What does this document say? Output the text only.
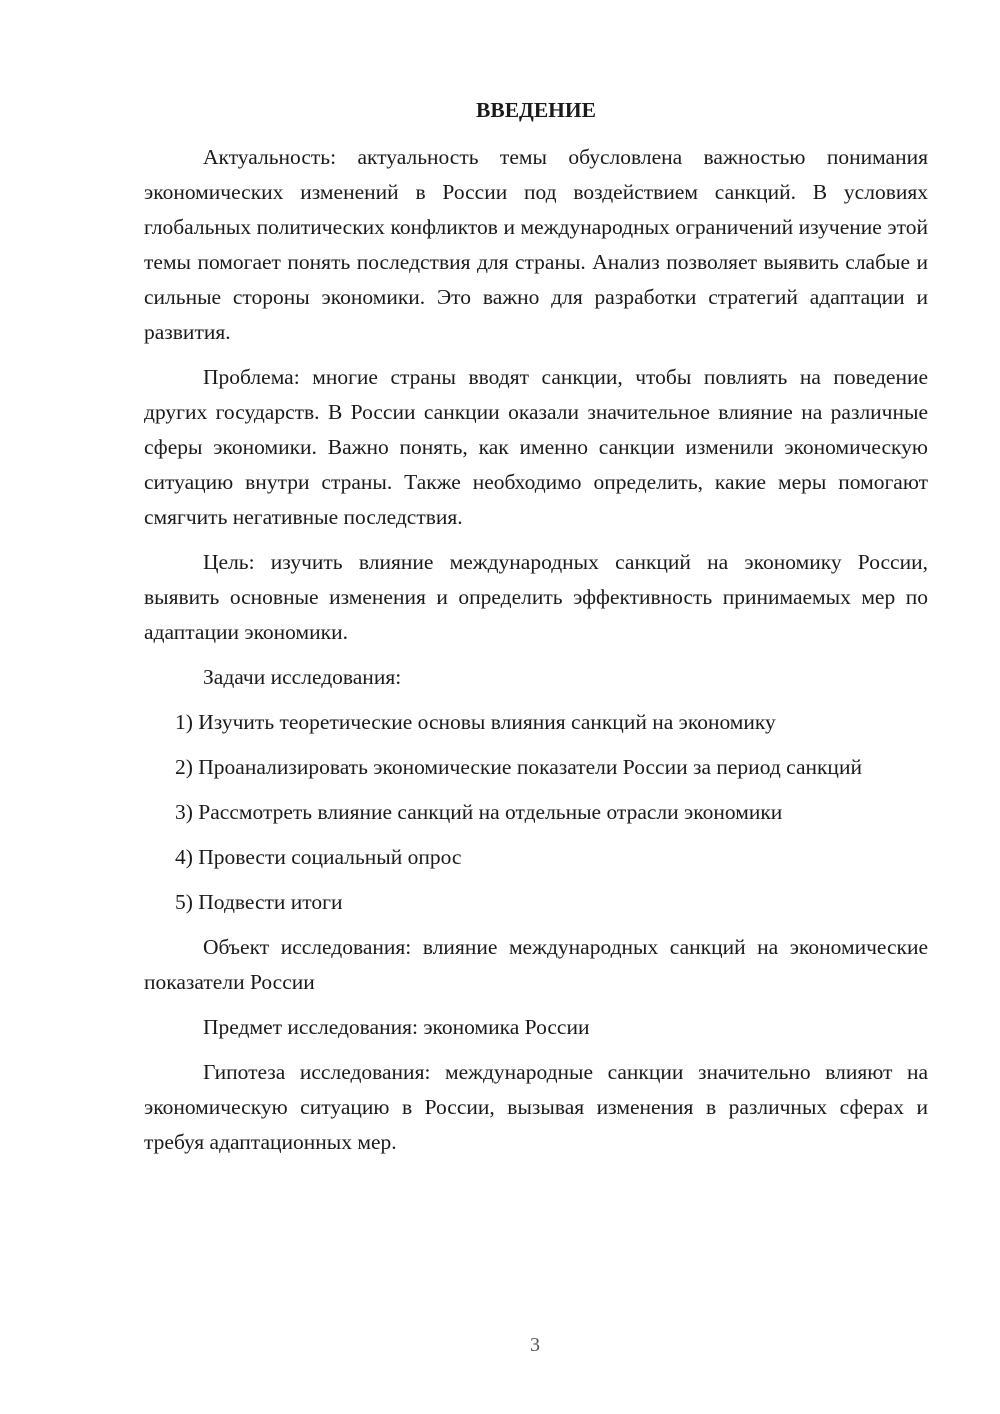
ВВЕДЕНИЕ

Актуальность: актуальность темы обусловлена важностью понимания экономических изменений в России под воздействием санкций. В условиях глобальных политических конфликтов и международных ограничений изучение этой темы помогает понять последствия для страны. Анализ позволяет выявить слабые и сильные стороны экономики. Это важно для разработки стратегий адаптации и развития.

Проблема: многие страны вводят санкции, чтобы повлиять на поведение других государств. В России санкции оказали значительное влияние на различные сферы экономики. Важно понять, как именно санкции изменили экономическую ситуацию внутри страны. Также необходимо определить, какие меры помогают смягчить негативные последствия.

Цель: изучить влияние международных санкций на экономику России, выявить основные изменения и определить эффективность принимаемых мер по адаптации экономики.

Задачи исследования:

1) Изучить теоретические основы влияния санкций на экономику

2) Проанализировать экономические показатели России за период санкций

3) Рассмотреть влияние санкций на отдельные отрасли экономики

4) Провести социальный опрос

5) Подвести итоги

Объект исследования: влияние международных санкций на экономические показатели России

Предмет исследования: экономика России

Гипотеза исследования: международные санкции значительно влияют на экономическую ситуацию в России, вызывая изменения в различных сферах и требуя адаптационных мер.

3
